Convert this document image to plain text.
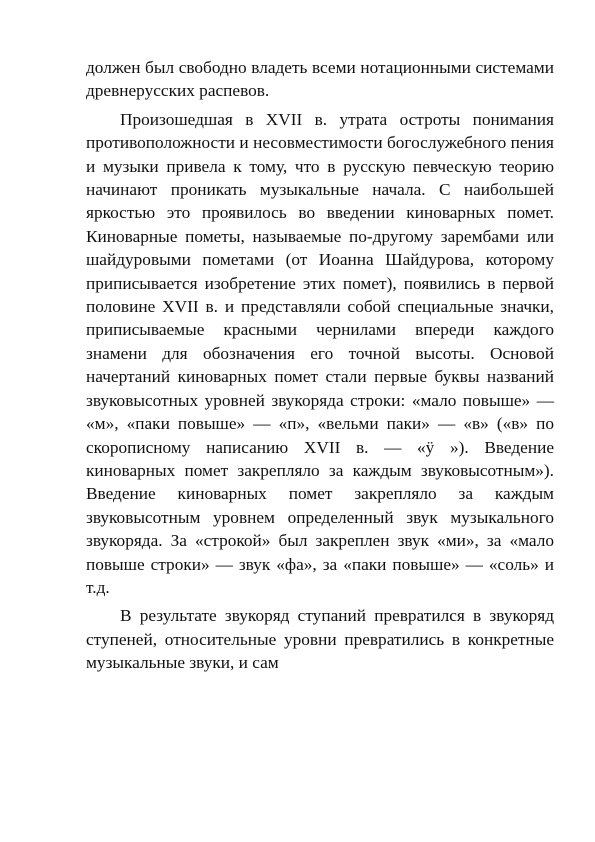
должен был свободно владеть всеми нотационными системами древнерусских распевов.

Произошедшая в XVII в. утрата остроты понимания противоположности и несовместимости богослужебного пения и музыки привела к тому, что в русскую певческую теорию начинают проникать музыкальные начала. С наибольшей яркостью это проявилось во введении киноварных помет. Киноварные пометы, называемые по-другому зарембами или шайдуровыми пометами (от Иоанна Шайдурова, которому приписывается изобретение этих помет), появились в первой половине XVII в. и представляли собой специальные значки, приписываемые красными чернилами впереди каждого знамени для обозначения его точной высоты. Основой начертаний киноварных помет стали первые буквы названий звуковысотных уровней звукоряда строки: «мало повыше» — «м», «паки повыше» — «п», «вельми паки» — «в» («в» по скорописному написанию XVII в. — «ӱ »). Введение киноварных помет закрепляло за каждым звуковысотным»). Введение киноварных помет закрепляло за каждым звуковысотным уровнем определенный звук музыкального звукоряда. За «строкой» был закреплен звук «ми», за «мало повыше строки» — звук «фа», за «паки повыше» — «соль» и т.д.

В результате звукоряд ступаний превратился в звукоряд ступеней, относительные уровни превратились в конкретные музыкальные звуки, и сам
